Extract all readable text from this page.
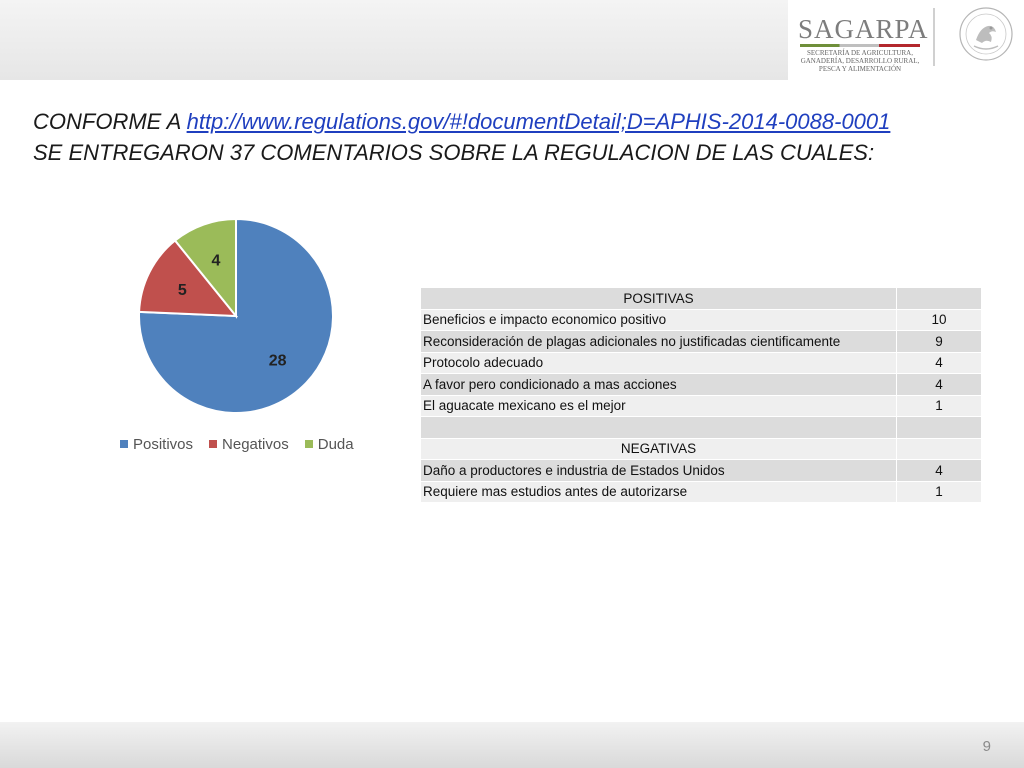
SAGARPA
SECRETARÍA DE AGRICULTURA,
GANADERÍA, DESARROLLO RURAL,
PESCA Y ALIMENTACIÓN
CONFORME A http://www.regulations.gov/#!documentDetail;D=APHIS-2014-0088-0001
SE ENTREGARON 37 COMENTARIOS SOBRE LA REGULACION DE LAS CUALES:
28
5
4
Positivos Negativos Duda
POSITIVAS	
Beneficios e impacto economico positivo	10
Reconsideración de plagas adicionales no justificadas cientificamente	9
Protocolo adecuado	4
A favor pero condicionado a mas acciones	4
El aguacate mexicano es el mejor	1

NEGATIVAS	
Daño a productores e industria de Estados Unidos	4
Requiere mas estudios antes de autorizarse	1
9
